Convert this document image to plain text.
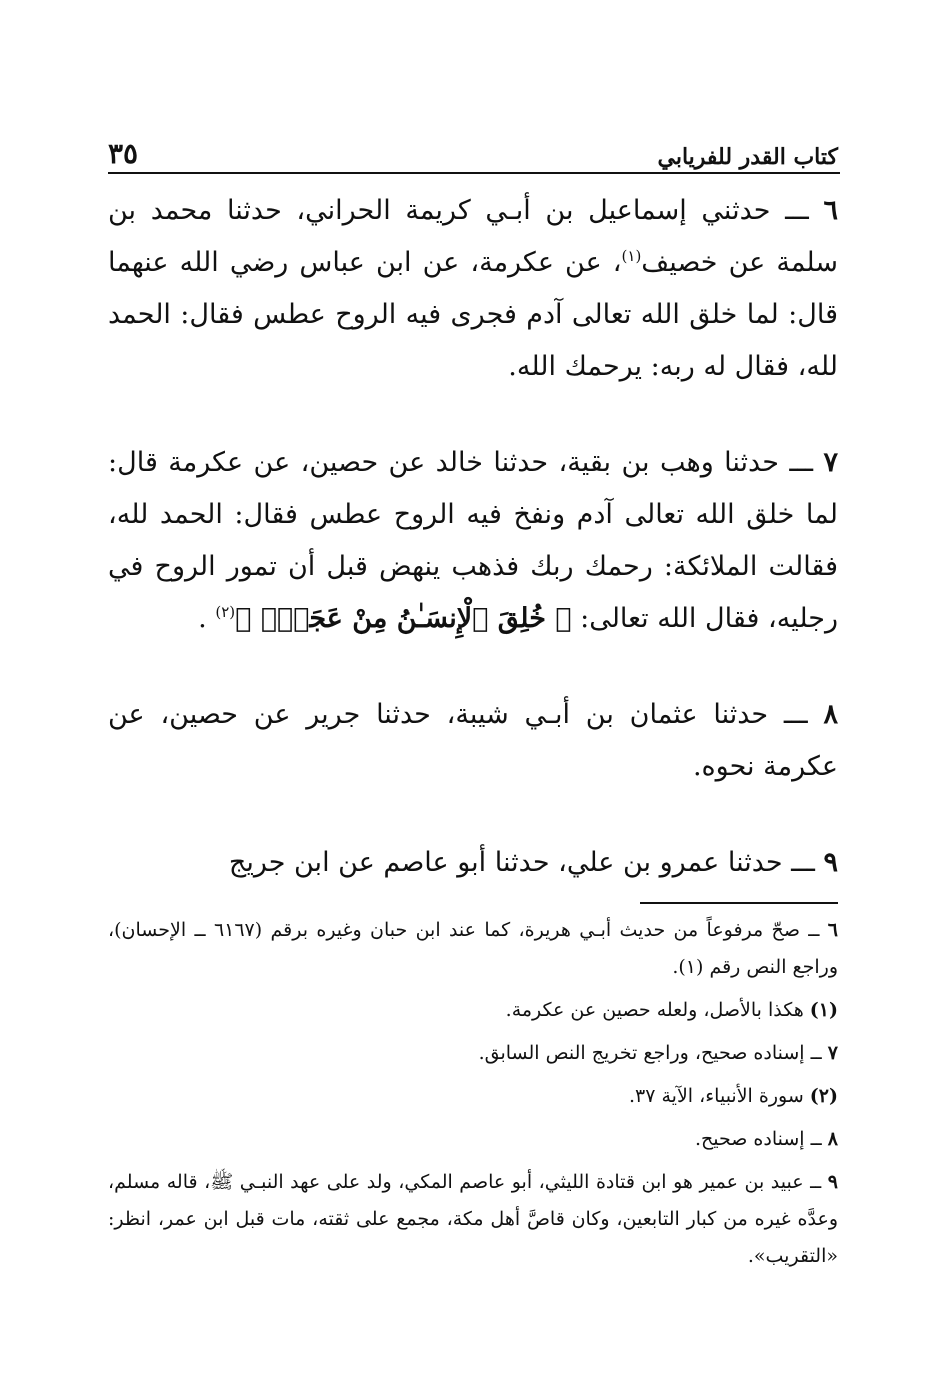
كتاب القدر للفريابي
٣٥

٦ ـــ حدثني إسماعيل بن أبـي كريمة الحراني، حدثنا محمد بن سلمة عن خصيف$^{(١)}$، عن عكرمة، عن ابن عباس رضي الله عنهما قال: لما خلق الله تعالى آدم فجرى فيه الروح عطس فقال: الحمد لله، فقال له ربه: يرحمك الله.

٧ ـــ حدثنا وهب بن بقية، حدثنا خالد عن حصين، عن عكرمة قال: لما خلق الله تعالى آدم ونفخ فيه الروح عطس فقال: الحمد لله، فقالت الملائكة: رحمك ربك فذهب ينهض قبل أن تمور الروح في رجليه، فقال الله تعالى: ﴿ خُلِقَ ٱلْإِنسَـٰنُ مِنْ عَجَلٍۚ ﴾$^{(٢)}$ .

٨ ـــ حدثنا عثمان بن أبـي شيبة، حدثنا جرير عن حصين، عن عكرمة نحوه.

٩ ـــ حدثنا عمرو بن علي، حدثنا أبو عاصم عن ابن جريج

٦ ــ صحّ مرفوعاً من حديث أبـي هريرة، كما عند ابن حبان وغيره برقم (٦١٦٧ ــ الإحسان)، وراجع النص رقم (١).

(١) هكذا بالأصل، ولعله حصين عن عكرمة.

٧ ــ إسناده صحيح، وراجع تخريج النص السابق.

(٢) سورة الأنبياء، الآية ٣٧.

٨ ــ إسناده صحيح.

٩ ــ عبيد بن عمير هو ابن قتادة الليثي، أبو عاصم المكي، ولد على عهد النبـي ﷺ، قاله مسلم، وعدَّه غيره من كبار التابعين، وكان قاصَّ أهل مكة، مجمع على ثقته، مات قبل ابن عمر، انظر: «التقريب».
